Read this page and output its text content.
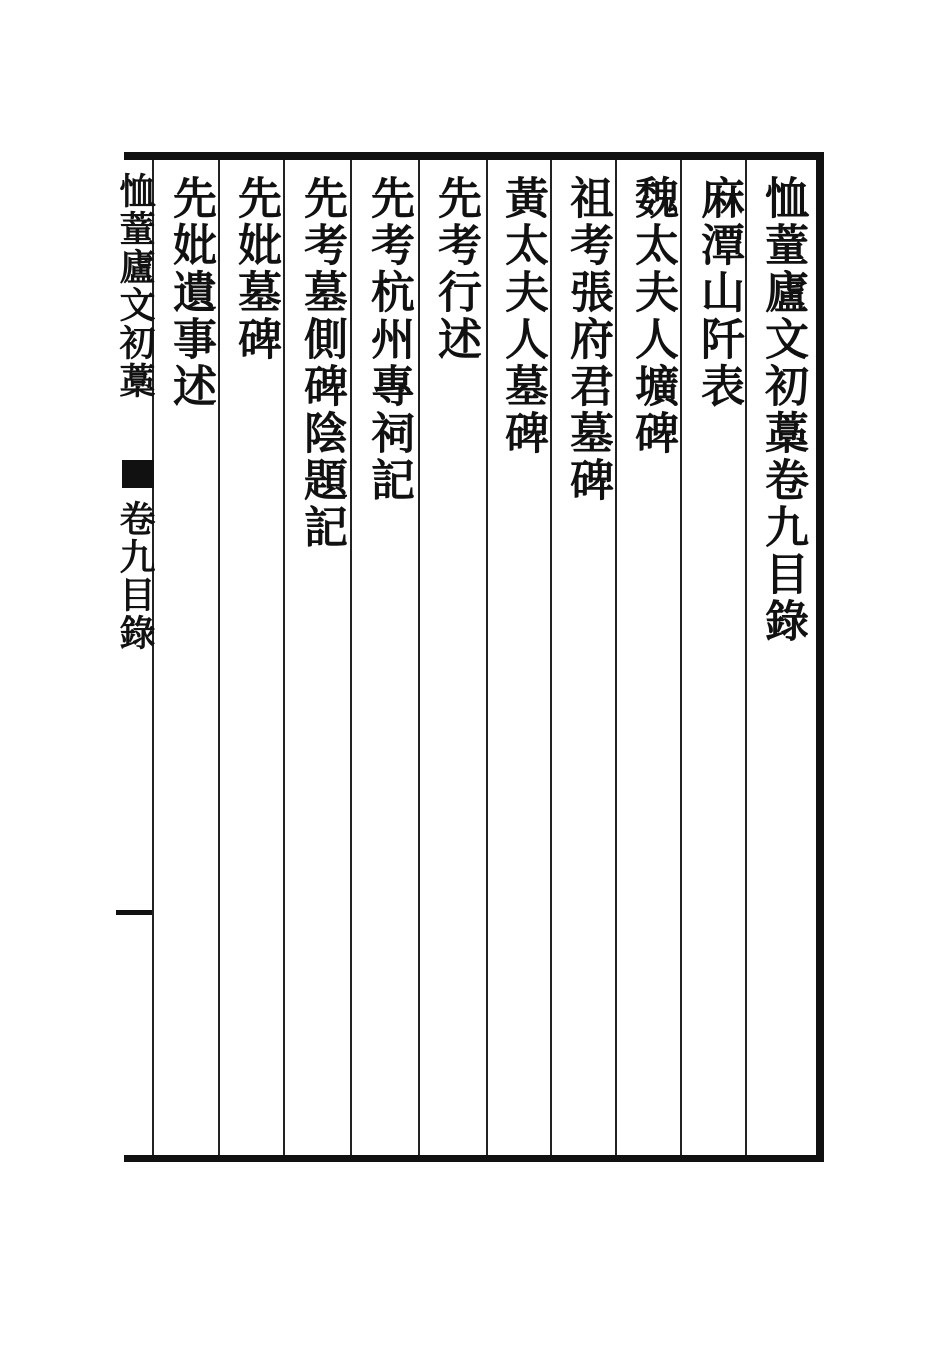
恤蕫廬文初藁卷九目錄
麻潭山阡表
魏太夫人壙碑
祖考張府君墓碑
黃太夫人墓碑
先考行述
先考杭州專祠記
先考墓側碑陰題記
先妣墓碑
先妣遺事述
恤蕫廬文初藁
卷九目錄
